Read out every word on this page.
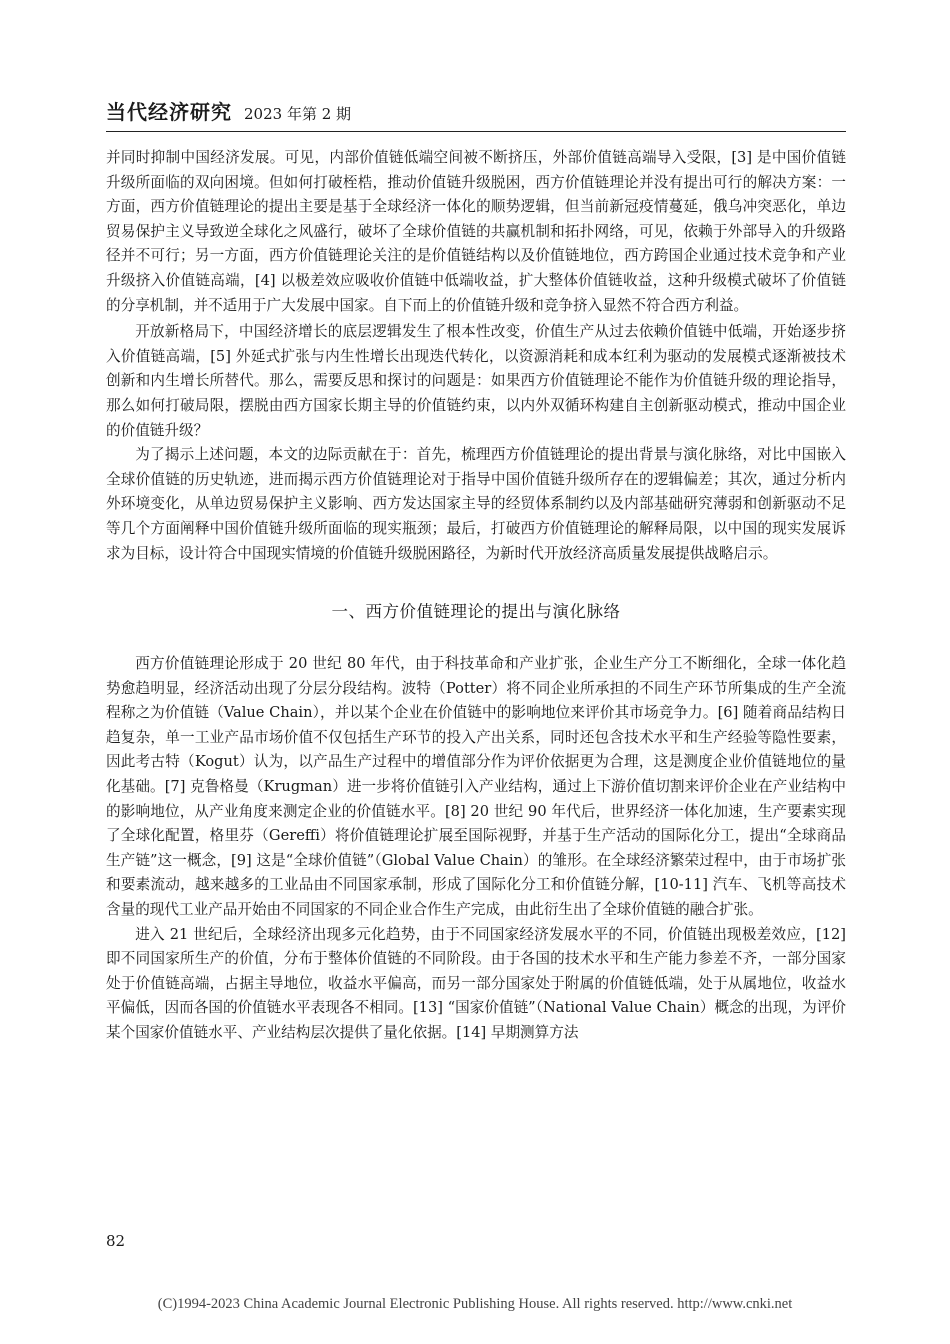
当代经济研究 2023 年第 2 期

并同时抑制中国经济发展。可见，内部价值链低端空间被不断挤压，外部价值链高端导入受限，[3] 是中国价值链升级所面临的双向困境。但如何打破桎梏，推动价值链升级脱困，西方价值链理论并没有提出可行的解决方案：一方面，西方价值链理论的提出主要是基于全球经济一体化的顺势逻辑，但当前新冠疫情蔓延，俄乌冲突恶化，单边贸易保护主义导致逆全球化之风盛行，破坏了全球价值链的共赢机制和拓扑网络，可见，依赖于外部导入的升级路径并不可行；另一方面，西方价值链理论关注的是价值链结构以及价值链地位，西方跨国企业通过技术竞争和产业升级挤入价值链高端，[4] 以极差效应吸收价值链中低端收益，扩大整体价值链收益，这种升级模式破坏了价值链的分享机制，并不适用于广大发展中国家。自下而上的价值链升级和竞争挤入显然不符合西方利益。

开放新格局下，中国经济增长的底层逻辑发生了根本性改变，价值生产从过去依赖价值链中低端，开始逐步挤入价值链高端，[5] 外延式扩张与内生性增长出现迭代转化，以资源消耗和成本红利为驱动的发展模式逐渐被技术创新和内生增长所替代。那么，需要反思和探讨的问题是：如果西方价值链理论不能作为价值链升级的理论指导，那么如何打破局限，摆脱由西方国家长期主导的价值链约束，以内外双循环构建自主创新驱动模式，推动中国企业的价值链升级？

为了揭示上述问题，本文的边际贡献在于：首先，梳理西方价值链理论的提出背景与演化脉络，对比中国嵌入全球价值链的历史轨迹，进而揭示西方价值链理论对于指导中国价值链升级所存在的逻辑偏差；其次，通过分析内外环境变化，从单边贸易保护主义影响、西方发达国家主导的经贸体系制约以及内部基础研究薄弱和创新驱动不足等几个方面阐释中国价值链升级所面临的现实瓶颈；最后，打破西方价值链理论的解释局限，以中国的现实发展诉求为目标，设计符合中国现实情境的价值链升级脱困路径，为新时代开放经济高质量发展提供战略启示。

一、西方价值链理论的提出与演化脉络

西方价值链理论形成于 20 世纪 80 年代，由于科技革命和产业扩张，企业生产分工不断细化，全球一体化趋势愈趋明显，经济活动出现了分层分段结构。波特（Potter）将不同企业所承担的不同生产环节所集成的生产全流程称之为价值链（Value Chain），并以某个企业在价值链中的影响地位来评价其市场竞争力。[6] 随着商品结构日趋复杂，单一工业产品市场价值不仅包括生产环节的投入产出关系，同时还包含技术水平和生产经验等隐性要素，因此考古特（Kogut）认为，以产品生产过程中的增值部分作为评价依据更为合理，这是测度企业价值链地位的量化基础。[7] 克鲁格曼（Krugman）进一步将价值链引入产业结构，通过上下游价值切割来评价企业在产业结构中的影响地位，从产业角度来测定企业的价值链水平。[8] 20 世纪 90 年代后，世界经济一体化加速，生产要素实现了全球化配置，格里芬（Gereffi）将价值链理论扩展至国际视野，并基于生产活动的国际化分工，提出“全球商品生产链”这一概念，[9] 这是“全球价值链”（Global Value Chain）的雏形。在全球经济繁荣过程中，由于市场扩张和要素流动，越来越多的工业品由不同国家承制，形成了国际化分工和价值链分解，[10-11] 汽车、飞机等高技术含量的现代工业产品开始由不同国家的不同企业合作生产完成，由此衍生出了全球价值链的融合扩张。

进入 21 世纪后，全球经济出现多元化趋势，由于不同国家经济发展水平的不同，价值链出现极差效应，[12] 即不同国家所生产的价值，分布于整体价值链的不同阶段。由于各国的技术水平和生产能力参差不齐，一部分国家处于价值链高端，占据主导地位，收益水平偏高，而另一部分国家处于附属的价值链低端，处于从属地位，收益水平偏低，因而各国的价值链水平表现各不相同。[13] “国家价值链”（National Value Chain）概念的出现，为评价某个国家价值链水平、产业结构层次提供了量化依据。[14] 早期测算方法

82
(C)1994-2023 China Academic Journal Electronic Publishing House. All rights reserved. http://www.cnki.net
